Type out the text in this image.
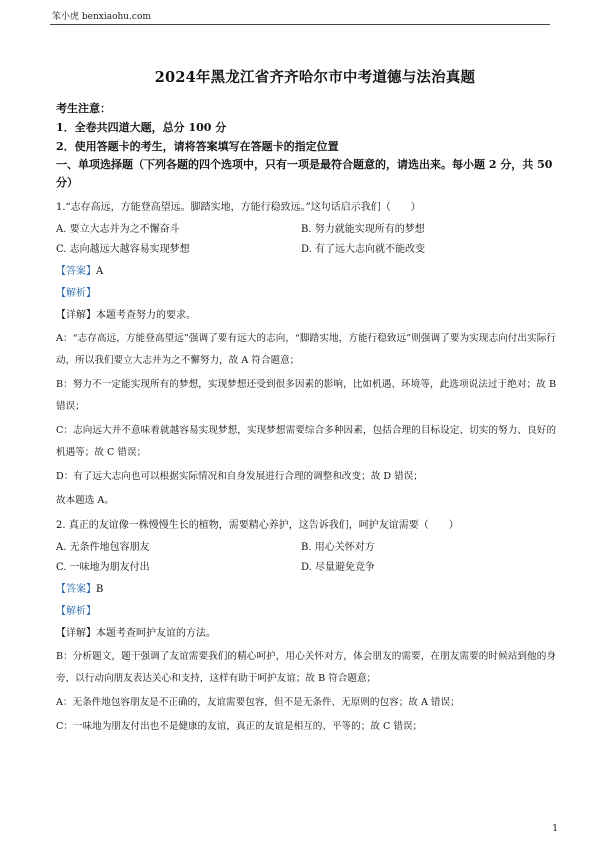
笨小虎 benxiaohu.com
2024年黑龙江省齐齐哈尔市中考道德与法治真题
考生注意：
1．全卷共四道大题，总分 100 分
2．使用答题卡的考生，请将答案填写在答题卡的指定位置
一、单项选择题（下列各题的四个选项中，只有一项是最符合题意的，请选出来。每小题 2 分，共 50 分）
1.“志存高远，方能登高望远。脚踏实地，方能行稳致远。”这句话启示我们（　　）
A. 要立大志并为之不懈奋斗	B. 努力就能实现所有的梦想
C. 志向越远大越容易实现梦想	D. 有了远大志向就不能改变
【答案】A
【解析】
【详解】本题考查努力的要求。
A：“志存高远，方能登高望远”强调了要有远大的志向，“脚踏实地，方能行稳致远”则强调了要为实现志向付出实际行动，所以我们要立大志并为之不懈努力，故 A 符合题意；
B：努力不一定能实现所有的梦想，实现梦想还受到很多因素的影响，比如机遇、环境等，此选项说法过于绝对；故 B 错误；
C：志向远大并不意味着就越容易实现梦想，实现梦想需要综合多种因素，包括合理的目标设定、切实的努力、良好的机遇等；故 C 错误；
D：有了远大志向也可以根据实际情况和自身发展进行合理的调整和改变；故 D 错误；
故本题选 A。
2. 真正的友谊像一株慢慢生长的植物，需要精心养护，这告诉我们，呵护友谊需要（　　）
A. 无条件地包容朋友	B. 用心关怀对方
C. 一味地为朋友付出	D. 尽量避免竞争
【答案】B
【解析】
【详解】本题考查呵护友谊的方法。
B：分析题文，题干强调了友谊需要我们的精心呵护，用心关怀对方，体会朋友的需要，在朋友需要的时候站到他的身旁，以行动向朋友表达关心和支持，这样有助于呵护友谊；故 B 符合题意；
A：无条件地包容朋友是不正确的，友谊需要包容，但不是无条件、无原则的包容；故 A 错误；
C：一味地为朋友付出也不是健康的友谊，真正的友谊是相互的、平等的；故 C 错误；
1
